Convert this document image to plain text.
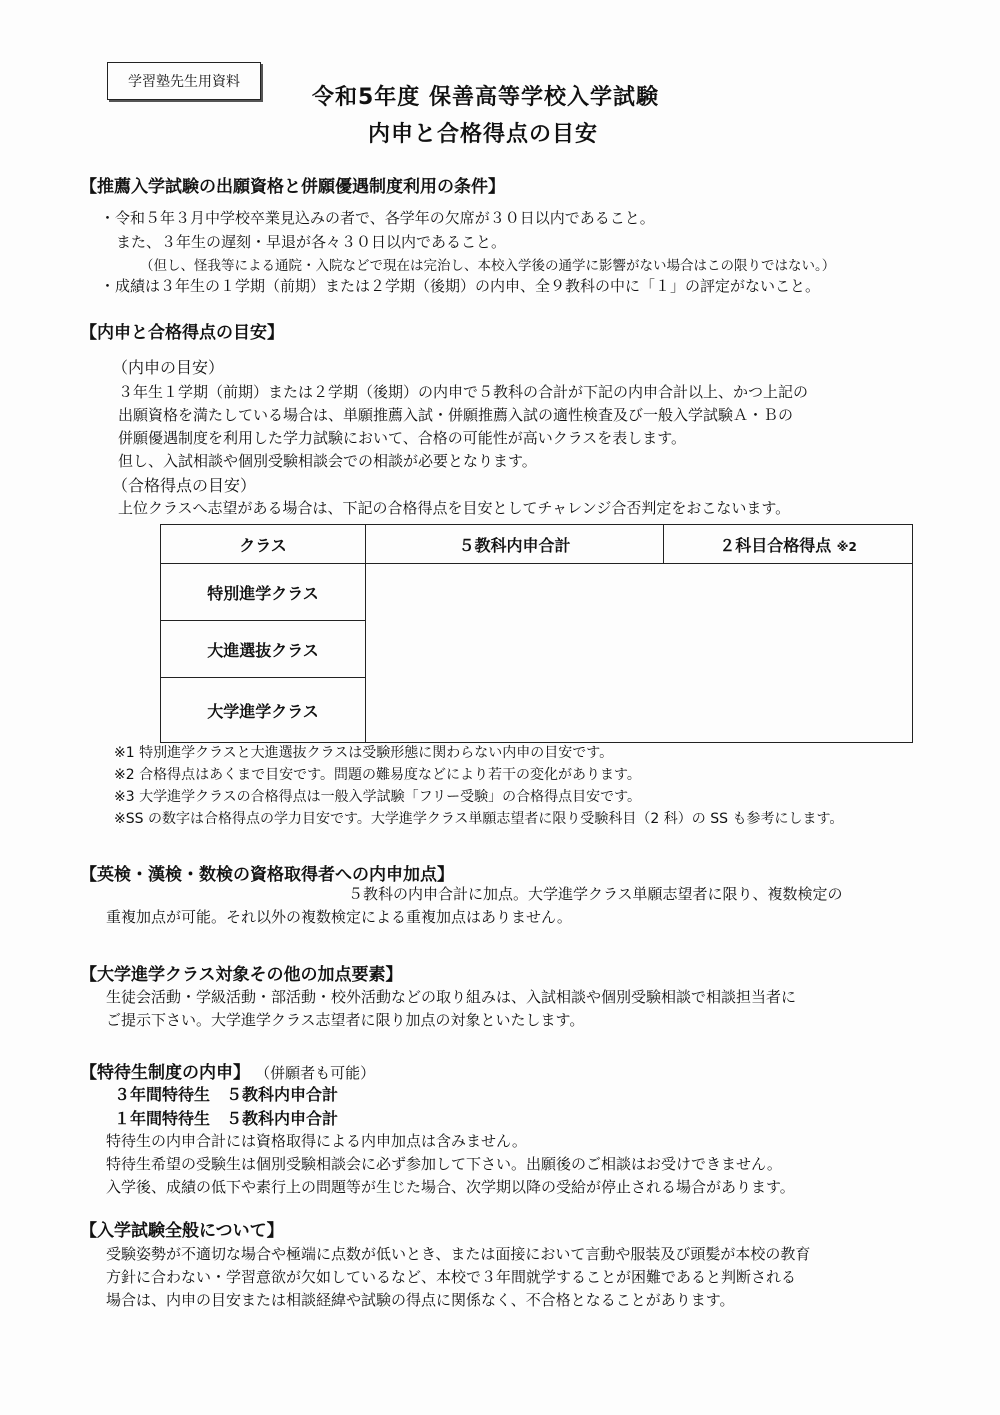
学習塾先生用資料
令和5年度 保善高等学校入学試験
内申と合格得点の目安
【推薦入学試験の出願資格と併願優遇制度利用の条件】
・令和５年３月中学校卒業見込みの者で、各学年の欠席が３０日以内であること。
また、３年生の遅刻・早退が各々３０日以内であること。
（但し、怪我等による通院・入院などで現在は完治し、本校入学後の通学に影響がない場合はこの限りではない。）
・成績は３年生の１学期（前期）または２学期（後期）の内申、全９教科の中に「１」の評定がないこと。
【内申と合格得点の目安】
（内申の目安）
３年生１学期（前期）または２学期（後期）の内申で５教科の合計が下記の内申合計以上、かつ上記の
出願資格を満たしている場合は、単願推薦入試・併願推薦入試の適性検査及び一般入学試験Ａ・Ｂの
併願優遇制度を利用した学力試験において、合格の可能性が高いクラスを表します。
但し、入試相談や個別受験相談会での相談が必要となります。
（合格得点の目安）
上位クラスへ志望がある場合は、下記の合格得点を目安としてチャレンジ合否判定をおこないます。
クラス	５教科内申合計	２科目合格得点 ※2
特別進学クラス		
大進選抜クラス		
大学進学クラス		
※1 特別進学クラスと大進選抜クラスは受験形態に関わらない内申の目安です。
※2 合格得点はあくまで目安です。問題の難易度などにより若干の変化があります。
※3 大学進学クラスの合格得点は一般入学試験「フリー受験」の合格得点目安です。
※SS の数字は合格得点の学力目安です。大学進学クラス単願志望者に限り受験科目（2 科）の SS も参考にします。
【英検・漢検・数検の資格取得者への内申加点】
５教科の内申合計に加点。大学進学クラス単願志望者に限り、複数検定の
重複加点が可能。それ以外の複数検定による重複加点はありません。
【大学進学クラス対象その他の加点要素】
生徒会活動・学級活動・部活動・校外活動などの取り組みは、入試相談や個別受験相談で相談担当者に
ご提示下さい。大学進学クラス志望者に限り加点の対象といたします。
【特待生制度の内申】 （併願者も可能）
３年間特待生　５教科内申合計
１年間特待生　５教科内申合計
特待生の内申合計には資格取得による内申加点は含みません。
特待生希望の受験生は個別受験相談会に必ず参加して下さい。出願後のご相談はお受けできません。
入学後、成績の低下や素行上の問題等が生じた場合、次学期以降の受給が停止される場合があります。
【入学試験全般について】
受験姿勢が不適切な場合や極端に点数が低いとき、または面接において言動や服装及び頭髪が本校の教育
方針に合わない・学習意欲が欠如しているなど、本校で３年間就学することが困難であると判断される
場合は、内申の目安または相談経緯や試験の得点に関係なく、不合格となることがあります。
